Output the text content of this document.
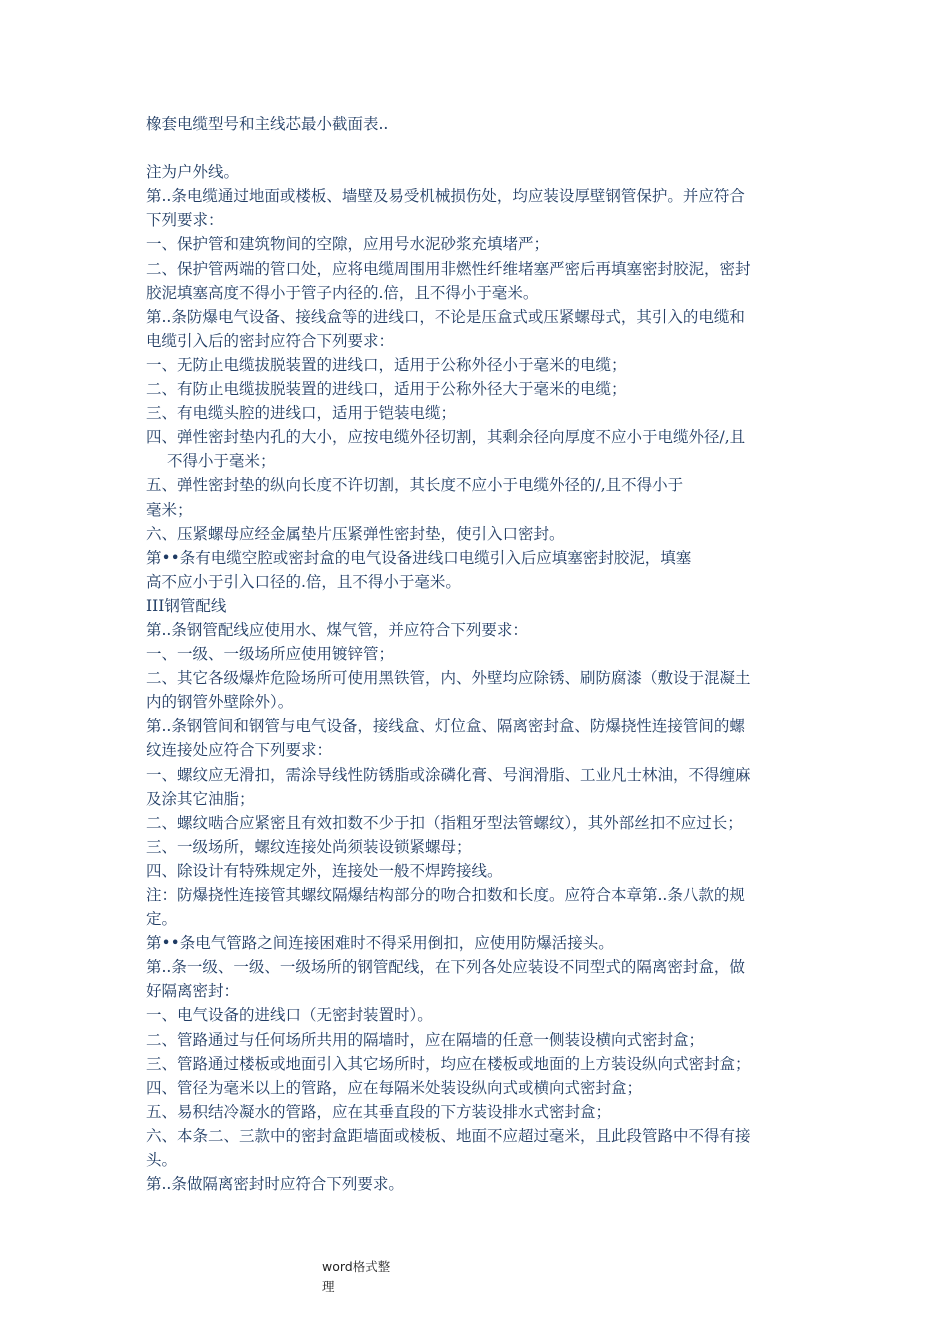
橡套电缆型号和主线芯最小截面表..
注为户外线。
第..条电缆通过地面或楼板、墙壁及易受机械损伤处，均应装设厚壁钢管保护。并应符合
下列要求：
一、保护管和建筑物间的空隙，应用号水泥砂浆充填堵严；
二、保护管两端的管口处，应将电缆周围用非燃性纤维堵塞严密后再填塞密封胶泥，密封
胶泥填塞高度不得小于管子内径的.倍，且不得小于毫米。
第..条防爆电气设备、接线盒等的进线口，不论是压盒式或压紧螺母式，其引入的电缆和
电缆引入后的密封应符合下列要求：
一、无防止电缆拔脱装置的进线口，适用于公称外径小于毫米的电缆；
二、有防止电缆拔脱装置的进线口，适用于公称外径大于毫米的电缆；
三、有电缆头腔的进线口，适用于铠装电缆；
四、弹性密封垫内孔的大小，应按电缆外径切割，其剩余径向厚度不应小于电缆外径/,且
不得小于毫米；
五、弹性密封垫的纵向长度不许切割，其长度不应小于电缆外径的/,且不得小于
毫米；
六、压紧螺母应经金属垫片压紧弹性密封垫，使引入口密封。
第••条有电缆空腔或密封盒的电气设备进线口电缆引入后应填塞密封胶泥，填塞
高不应小于引入口径的.倍，且不得小于毫米。
III钢管配线
第..条钢管配线应使用水、煤气管，并应符合下列要求：
一、一级、一级场所应使用镀锌管；
二、其它各级爆炸危险场所可使用黑铁管，内、外壁均应除锈、刷防腐漆（敷设于混凝土
内的钢管外壁除外）。
第..条钢管间和钢管与电气设备，接线盒、灯位盒、隔离密封盒、防爆挠性连接管间的螺
纹连接处应符合下列要求：
一、螺纹应无滑扣，需涂导线性防锈脂或涂磷化膏、号润滑脂、工业凡士林油，不得缠麻
及涂其它油脂；
二、螺纹啮合应紧密且有效扣数不少于扣（指粗牙型法管螺纹），其外部丝扣不应过长；
三、一级场所，螺纹连接处尚须装设锁紧螺母；
四、除设计有特殊规定外，连接处一般不焊跨接线。
注：防爆挠性连接管其螺纹隔爆结构部分的吻合扣数和长度。应符合本章第..条八款的规
定。
第••条电气管路之间连接困难时不得采用倒扣，应使用防爆活接头。
第..条一级、一级、一级场所的钢管配线，在下列各处应装设不同型式的隔离密封盒，做
好隔离密封：
一、电气设备的进线口（无密封装置时）。
二、管路通过与任何场所共用的隔墙时，应在隔墙的任意一侧装设横向式密封盒；
三、管路通过楼板或地面引入其它场所时，均应在楼板或地面的上方装设纵向式密封盒；
四、管径为毫米以上的管路，应在每隔米处装设纵向式或横向式密封盒；
五、易积结冷凝水的管路，应在其垂直段的下方装设排水式密封盒；
六、本条二、三款中的密封盒距墙面或棱板、地面不应超过毫米，且此段管路中不得有接
头。
第..条做隔离密封时应符合下列要求。
word格式整
理
